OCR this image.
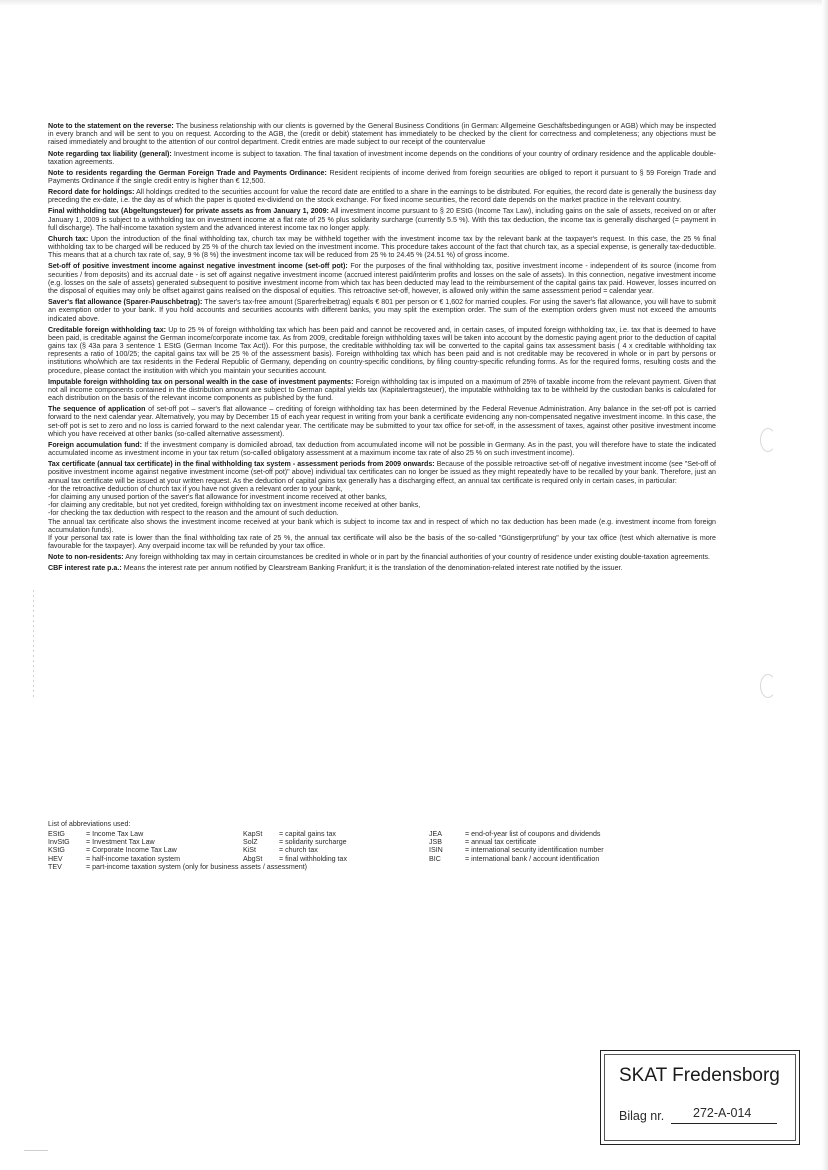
Note to the statement on the reverse: The business relationship with our clients is governed by the General Business Conditions (in German: Allgemeine Geschäftsbedingungen or AGB) which may be inspected in every branch and will be sent to you on request. According to the AGB, the (credit or debit) statement has immediately to be checked by the client for correctness and completeness; any objections must be raised immediately and brought to the attention of our control department. Credit entries are made subject to our receipt of the countervalue

Note regarding tax liability (general): Investment income is subject to taxation. The final taxation of investment income depends on the conditions of your country of ordinary residence and the applicable double-taxation agreements.

Note to residents regarding the German Foreign Trade and Payments Ordinance: Resident recipients of income derived from foreign securities are obliged to report it pursuant to § 59 Foreign Trade and Payments Ordinance if the single credit entry is higher than € 12,500.

Record date for holdings: All holdings credited to the securities account for value the record date are entitled to a share in the earnings to be distributed. For equities, the record date is generally the business day preceding the ex-date, i.e. the day as of which the paper is quoted ex-dividend on the stock exchange. For fixed income securities, the record date depends on the market practice in the relevant country.

Final withholding tax (Abgeltungsteuer) for private assets as from January 1, 2009: All investment income pursuant to § 20 EStG (Income Tax Law), including gains on the sale of assets, received on or after January 1, 2009 is subject to a withholding tax on investment income at a flat rate of 25 % plus solidarity surcharge (currently 5.5 %). With this tax deduction, the income tax is generally discharged (= payment in full discharge). The half-income taxation system and the advanced interest income tax no longer apply.

Church tax: Upon the introduction of the final withholding tax, church tax may be withheld together with the investment income tax by the relevant bank at the taxpayer's request. In this case, the 25 % final withholding tax to be charged will be reduced by 25 % of the church tax levied on the investment income. This procedure takes account of the fact that church tax, as a special expense, is generally tax-deductible. This means that at a church tax rate of, say, 9 % (8 %) the investment income tax will be reduced from 25 % to 24.45 % (24.51 %) of gross income.

Set-off of positive investment income against negative investment income (set-off pot): For the purposes of the final withholding tax, positive investment income - independent of its source (income from securities / from deposits) and its accrual date - is set off against negative investment income (accrued interest paid/interim profits and losses on the sale of assets). In this connection, negative investment income (e.g. losses on the sale of assets) generated subsequent to positive investment income from which tax has been deducted may lead to the reimbursement of the capital gains tax paid. However, losses incurred on the disposal of equities may only be offset against gains realised on the disposal of equities. This retroactive set-off, however, is allowed only within the same assessment period = calendar year.

Saver's flat allowance (Sparer-Pauschbetrag): The saver's tax-free amount (Sparerfreibetrag) equals € 801 per person or € 1,602 for married couples. For using the saver's flat allowance, you will have to submit an exemption order to your bank. If you hold accounts and securities accounts with different banks, you may split the exemption order. The sum of the exemption orders given must not exceed the amounts indicated above.

Creditable foreign withholding tax: Up to 25 % of foreign withholding tax which has been paid and cannot be recovered and, in certain cases, of imputed foreign withholding tax, i.e. tax that is deemed to have been paid, is creditable against the German income/corporate income tax. As from 2009, creditable foreign withholding taxes will be taken into account by the domestic paying agent prior to the deduction of capital gains tax (§ 43a para 3 sentence 1 EStG (German Income Tax Act)). For this purpose, the creditable withholding tax will be converted to the capital gains tax assessment basis ( 4 x creditable withholding tax represents a ratio of 100/25; the capital gains tax will be 25 % of the assessment basis). Foreign withholding tax which has been paid and is not creditable may be recovered in whole or in part by persons or institutions who/which are tax residents in the Federal Republic of Germany, depending on country-specific conditions, by filing country-specific refunding forms. As for the required forms, resulting costs and the procedure, please contact the institution with which you maintain your securities account.

Imputable foreign withholding tax on personal wealth in the case of investment payments: Foreign withholding tax is imputed on a maximum of 25% of taxable income from the relevant payment. Given that not all income components contained in the distribution amount are subject to German capital yields tax (Kapitalertragsteuer), the imputable withholding tax to be withheld by the custodian banks is calculated for each distribution on the basis of the relevant income components as published by the fund.

The sequence of application of set-off pot – saver's flat allowance – crediting of foreign withholding tax has been determined by the Federal Revenue Administration. Any balance in the set-off pot is carried forward to the next calendar year. Alternatively, you may by December 15 of each year request in writing from your bank a certificate evidencing any non-compensated negative investment income. In this case, the set-off pot is set to zero and no loss is carried forward to the next calendar year. The certificate may be submitted to your tax office for set-off, in the assessment of taxes, against other positive investment income which you have received at other banks (so-called alternative assessment).

Foreign accumulation fund: If the investment company is domiciled abroad, tax deduction from accumulated income will not be possible in Germany. As in the past, you will therefore have to state the indicated accumulated income as investment income in your tax return (so-called obligatory assessment at a maximum income tax rate of also 25 % on such investment income).

Tax certificate (annual tax certificate) in the final withholding tax system - assessment periods from 2009 onwards: Because of the possible retroactive set-off of negative investment income (see "Set-off of positive investment income against negative investment income (set-off pot)" above) individual tax certificates can no longer be issued as they might repeatedly have to be recalled by your bank. Therefore, just an annual tax certificate will be issued at your written request. As the deduction of capital gains tax generally has a discharging effect, an annual tax certificate is required only in certain cases, in particular:

-for the retroactive deduction of church tax if you have not given a relevant order to your bank,

-for claiming any unused portion of the saver's flat allowance for investment income received at other banks,

-for claiming any creditable, but not yet credited, foreign withholding tax on investment income received at other banks,

-for checking the tax deduction with respect to the reason and the amount of such deduction.

The annual tax certificate also shows the investment income received at your bank which is subject to income tax and in respect of which no tax deduction has been made (e.g. investment income from foreign accumulation funds).

If your personal tax rate is lower than the final withholding tax rate of 25 %, the annual tax certificate will also be the basis of the so-called "Günstigerprüfung" by your tax office (test which alternative is more favourable for the taxpayer). Any overpaid income tax will be refunded by your tax office.

Note to non-residents: Any foreign withholding tax may in certain circumstances be credited in whole or in part by the financial authorities of your country of residence under existing double-taxation agreements.

CBF interest rate p.a.: Means the interest rate per annum notified by Clearstream Banking Frankfurt; it is the translation of the denomination-related interest rate notified by the issuer.

List of abbreviations used:

EStG	= Income Tax Law
InvStG	= Investment Tax Law
KStG	= Corporate Income Tax Law
HEV	= half-income taxation system
TEV	= part-income taxation system (only for business assets / assessment)
KapSt	= capital gains tax
SolZ	= solidarity surcharge
KiSt	= church tax
AbgSt	= final withholding tax
JEA	= end-of-year list of coupons and dividends
JSB	= annual tax certificate
ISIN	= international security identification number
BIC	= international bank / account identification
SKAT Fredensborg
Bilag nr. 272-A-014
